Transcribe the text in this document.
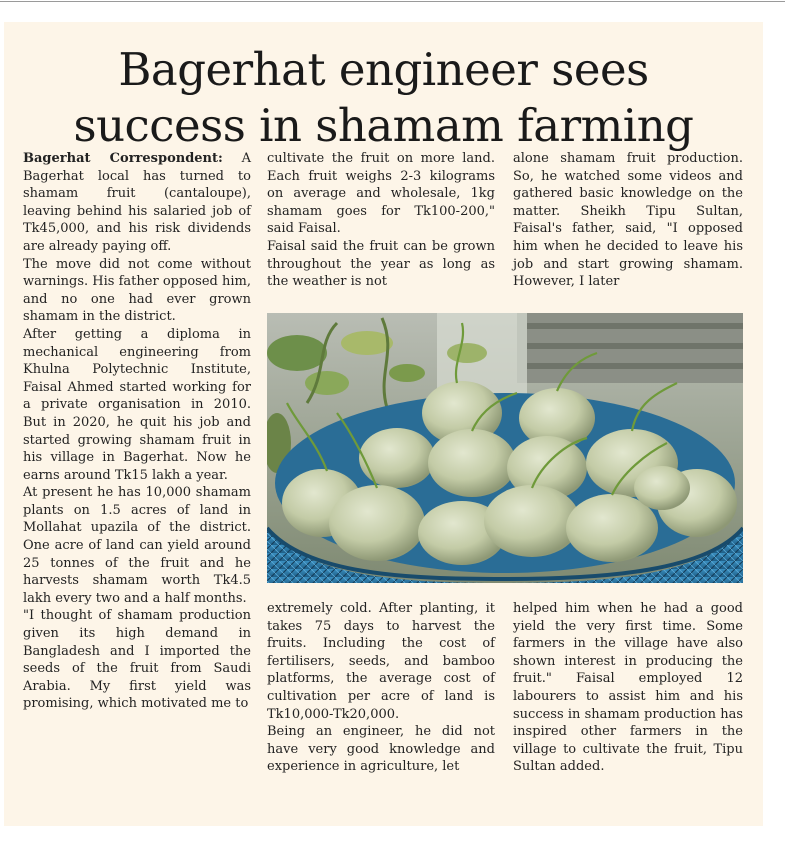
Bagerhat engineer sees
success in shamam farming

Bagerhat Correspondent: A Bagerhat local has turned to shamam fruit (cantaloupe), leaving behind his salaried job of Tk45,000, and his risk dividends are already paying off.

The move did not come without warnings. His father opposed him, and no one had ever grown shamam in the district.

After getting a diploma in mechanical engineering from Khulna Polytechnic Institute, Faisal Ahmed started working for a private organisation in 2010. But in 2020, he quit his job and started growing shamam fruit in his village in Bagerhat. Now he earns around Tk15 lakh a year.

At present he has 10,000 shamam plants on 1.5 acres of land in Mollahat upazila of the district. One acre of land can yield around 25 tonnes of the fruit and he harvests shamam worth Tk4.5 lakh every two and a half months.

"I thought of shamam production given its high demand in Bangladesh and I imported the seeds of the fruit from Saudi Arabia. My first yield was promising, which motivated me to

cultivate the fruit on more land. Each fruit weighs 2-3 kilograms on average and wholesale, 1kg shamam goes for Tk100-200," said Faisal.

Faisal said the fruit can be grown throughout the year as long as the weather is not

alone shamam fruit production. So, he watched some videos and gathered basic knowledge on the matter. Sheikh Tipu Sultan, Faisal's father, said, "I opposed him when he decided to leave his job and start growing shamam. However, I later

extremely cold. After planting, it takes 75 days to harvest the fruits. Including the cost of fertilisers, seeds, and bamboo platforms, the average cost of cultivation per acre of land is Tk10,000-Tk20,000.

Being an engineer, he did not have very good knowledge and experience in agriculture, let

helped him when he had a good yield the very first time. Some farmers in the village have also shown interest in producing the fruit." Faisal employed 12 labourers to assist him and his success in shamam production has inspired other farmers in the village to cultivate the fruit, Tipu Sultan added.
